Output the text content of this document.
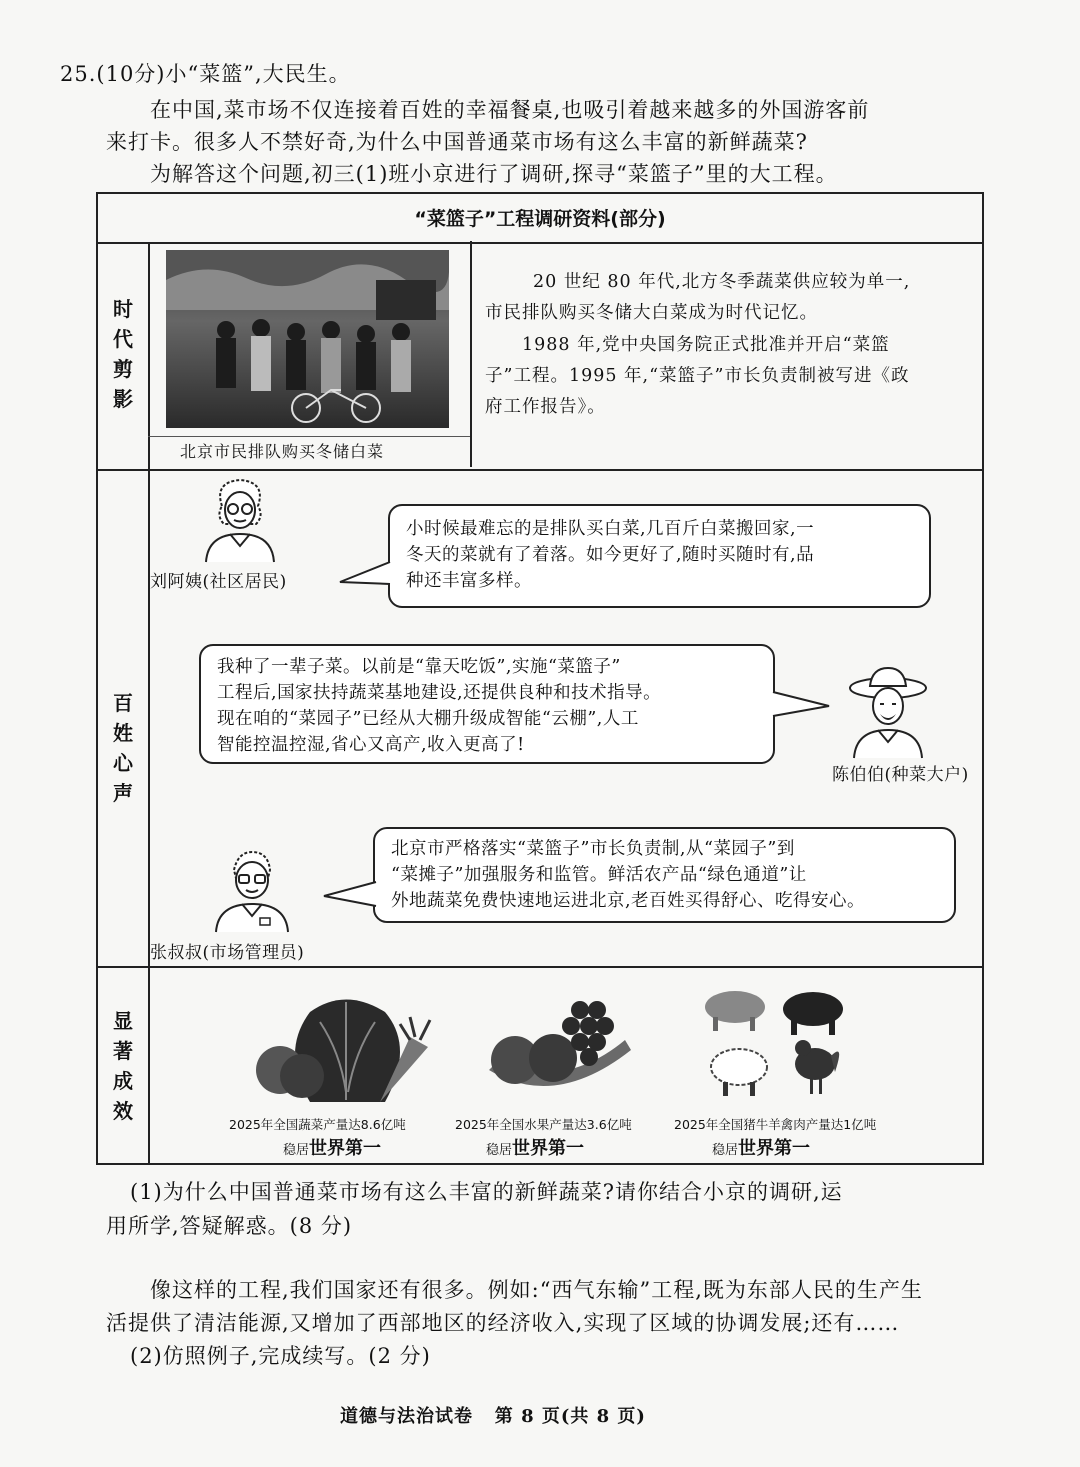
25.(10分)小“菜篮”,大民生。
在中国,菜市场不仅连接着百姓的幸福餐桌,也吸引着越来越多的外国游客前
来打卡。很多人不禁好奇,为什么中国普通菜市场有这么丰富的新鲜蔬菜?
为解答这个问题,初三(1)班小京进行了调研,探寻“菜篮子”里的大工程。
“菜篮子”工程调研资料(部分)
时
代
剪
影
百
姓
心
声
显
著
成
效
北京市民排队购买冬储白菜
20 世纪 80 年代,北方冬季蔬菜供应较为单一,
市民排队购买冬储大白菜成为时代记忆。
1988 年,党中央国务院正式批准并开启“菜篮
子”工程。1995 年,“菜篮子”市长负责制被写进《政
府工作报告》。
刘阿姨(社区居民)
小时候最难忘的是排队买白菜,几百斤白菜搬回家,一
冬天的菜就有了着落。如今更好了,随时买随时有,品
种还丰富多样。
我种了一辈子菜。以前是“靠天吃饭”,实施“菜篮子”
工程后,国家扶持蔬菜基地建设,还提供良种和技术指导。
现在咱的“菜园子”已经从大棚升级成智能“云棚”,人工
智能控温控湿,省心又高产,收入更高了!
陈伯伯(种菜大户)
北京市严格落实“菜篮子”市长负责制,从“菜园子”到
“菜摊子”加强服务和监管。鲜活农产品“绿色通道”让
外地蔬菜免费快速地运进北京,老百姓买得舒心、吃得安心。
张叔叔(市场管理员)
2025年全国蔬菜产量达8.6亿吨
稳居世界第一
2025年全国水果产量达3.6亿吨
稳居世界第一
2025年全国猪牛羊禽肉产量达1亿吨
稳居世界第一
(1)为什么中国普通菜市场有这么丰富的新鲜蔬菜?请你结合小京的调研,运
用所学,答疑解惑。(8 分)
像这样的工程,我们国家还有很多。例如:“西气东输”工程,既为东部人民的生产生
活提供了清洁能源,又增加了西部地区的经济收入,实现了区域的协调发展;还有……
(2)仿照例子,完成续写。(2 分)
道德与法治试卷   第 8 页(共 8 页)
